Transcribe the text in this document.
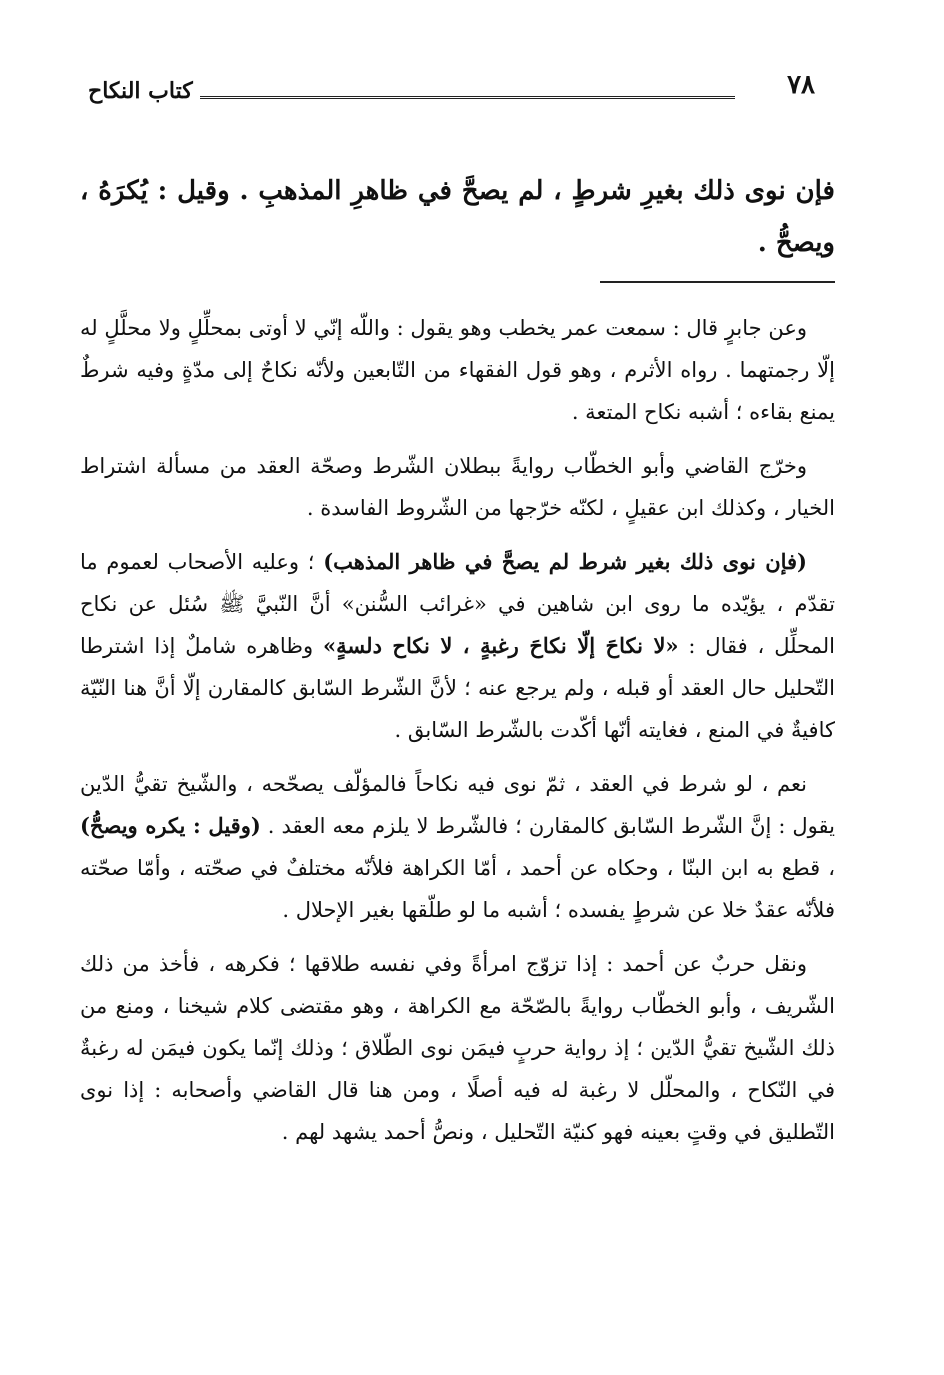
٧٨
كتاب النكاح
فإن نوى ذلك بغيرِ شرطٍ ، لم يصحَّ في ظاهرِ المذهبِ . وقيل : يُكرَهُ ، ويصحُّ .

وعن جابرٍ قال : سمعت عمر يخطب وهو يقول : واللّه إنّي لا أوتى بمحلِّلٍ ولا محلَّلٍ له إلّا رجمتهما . رواه الأثرم ، وهو قول الفقهاء من التّابعين ولأنّه نكاحٌ إلى مدّةٍ وفيه شرطٌ يمنع بقاءه ؛ أشبه نكاح المتعة .

وخرّج القاضي وأبو الخطّاب روايةً ببطلان الشّرط وصحّة العقد من مسألة اشتراط الخيار ، وكذلك ابن عقيلٍ ، لكنّه خرّجها من الشّروط الفاسدة .

(فإن نوى ذلك بغير شرط لم يصحَّ في ظاهر المذهب) ؛ وعليه الأصحاب لعموم ما تقدّم ، يؤيّده ما روى ابن شاهين في «غرائب السُّنن» أنَّ النّبيَّ ﷺ سُئل عن نكاح المحلِّل ، فقال : «لا نكاحَ إلّا نكاحَ رغبةٍ ، لا نكاح دلسةٍ» وظاهره شاملٌ إذا اشترطا التّحليل حال العقد أو قبله ، ولم يرجع عنه ؛ لأنَّ الشّرط السّابق كالمقارن إلّا أنَّ هنا النّيّة كافيةٌ في المنع ، فغايته أنّها أكّدت بالشّرط السّابق .

نعم ، لو شرط في العقد ، ثمّ نوى فيه نكاحاً فالمؤلّف يصحّحه ، والشّيخ تقيُّ الدّين يقول : إنَّ الشّرط السّابق كالمقارن ؛ فالشّرط لا يلزم معه العقد . (وقيل : يكره ويصحُّ) ، قطع به ابن البنّا ، وحكاه عن أحمد ، أمّا الكراهة فلأنّه مختلفٌ في صحّته ، وأمّا صحّته فلأنّه عقدٌ خلا عن شرطٍ يفسده ؛ أشبه ما لو طلّقها بغير الإحلال .

ونقل حربٌ عن أحمد : إذا تزوّج امرأةً وفي نفسه طلاقها ؛ فكرهه ، فأخذ من ذلك الشّريف ، وأبو الخطّاب روايةً بالصّحّة مع الكراهة ، وهو مقتضى كلام شيخنا ، ومنع من ذلك الشّيخ تقيُّ الدّين ؛ إذ رواية حربٍ فيمَن نوى الطّلاق ؛ وذلك إنّما يكون فيمَن له رغبةٌ في النّكاح ، والمحلّل لا رغبة له فيه أصلًا ، ومن هنا قال القاضي وأصحابه : إذا نوى التّطليق في وقتٍ بعينه فهو كنيّة التّحليل ، ونصُّ أحمد يشهد لهم .
